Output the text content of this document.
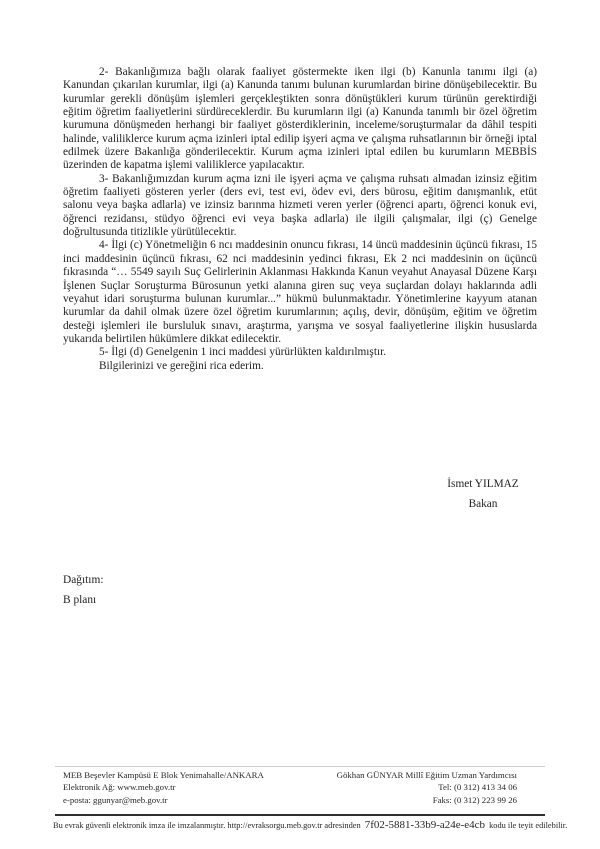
2- Bakanlığımıza bağlı olarak faaliyet göstermekte iken ilgi (b) Kanunla tanımı ilgi (a) Kanundan çıkarılan kurumlar, ilgi (a) Kanunda tanımı bulunan kurumlardan birine dönüşebilecektir. Bu kurumlar gerekli dönüşüm işlemleri gerçekleştikten sonra dönüştükleri kurum türünün gerektirdiği eğitim öğretim faaliyetlerini sürdüreceklerdir. Bu kurumların ilgi (a) Kanunda tanımlı bir özel öğretim kurumuna dönüşmeden herhangi bir faaliyet gösterdiklerinin, inceleme/soruşturmalar da dâhil tespiti halinde, valiliklerce kurum açma izinleri iptal edilip işyeri açma ve çalışma ruhsatlarının bir örneği iptal edilmek üzere Bakanlığa gönderilecektir. Kurum açma izinleri iptal edilen bu kurumların MEBBİS üzerinden de kapatma işlemi valiliklerce yapılacaktır.
3- Bakanlığımızdan kurum açma izni ile işyeri açma ve çalışma ruhsatı almadan izinsiz eğitim öğretim faaliyeti gösteren yerler (ders evi, test evi, ödev evi, ders bürosu, eğitim danışmanlık, etüt salonu veya başka adlarla) ve izinsiz barınma hizmeti veren yerler (öğrenci apartı, öğrenci konuk evi, öğrenci rezidansı, stüdyo öğrenci evi veya başka adlarla) ile ilgili çalışmalar, ilgi (ç) Genelge doğrultusunda titizlikle yürütülecektir.
4- İlgi (c) Yönetmeliğin 6 ncı maddesinin onuncu fıkrası, 14 üncü maddesinin üçüncü fıkrası, 15 inci maddesinin üçüncü fıkrası, 62 nci maddesinin yedinci fıkrası, Ek 2 nci maddesinin on üçüncü fıkrasında “… 5549 sayılı Suç Gelirlerinin Aklanması Hakkında Kanun veyahut Anayasal Düzene Karşı İşlenen Suçlar Soruşturma Bürosunun yetki alanına giren suç veya suçlardan dolayı haklarında adli veyahut idari soruşturma bulunan kurumlar...” hükmü bulunmaktadır. Yönetimlerine kayyum atanan kurumlar da dahil olmak üzere özel öğretim kurumlarının; açılış, devir, dönüşüm, eğitim ve öğretim desteği işlemleri ile bursluluk sınavı, araştırma, yarışma ve sosyal faaliyetlerine ilişkin hususlarda yukarıda belirtilen hükümlere dikkat edilecektir.
5- İlgi (d) Genelgenin 1 inci maddesi yürürlükten kaldırılmıştır.
Bilgilerinizi ve gereğini rica ederim.
İsmet YILMAZ
Bakan
Dağıtım:
B planı
MEB Beşevler Kampüsü E Blok Yenimahalle/ANKARA
Elektronik Ağ: www.meb.gov.tr
e-posta: ggunyar@meb.gov.tr
Gökhan GÜNYAR Millî Eğitim Uzman Yardımcısı
Tel: (0 312) 413 34 06
Faks: (0 312) 223 99 26
Bu evrak güvenli elektronik imza ile imzalanmıştır. http://evraksorgu.meb.gov.tr adresinden 7f02-5881-33b9-a24e-e4cb kodu ile teyit edilebilir.
